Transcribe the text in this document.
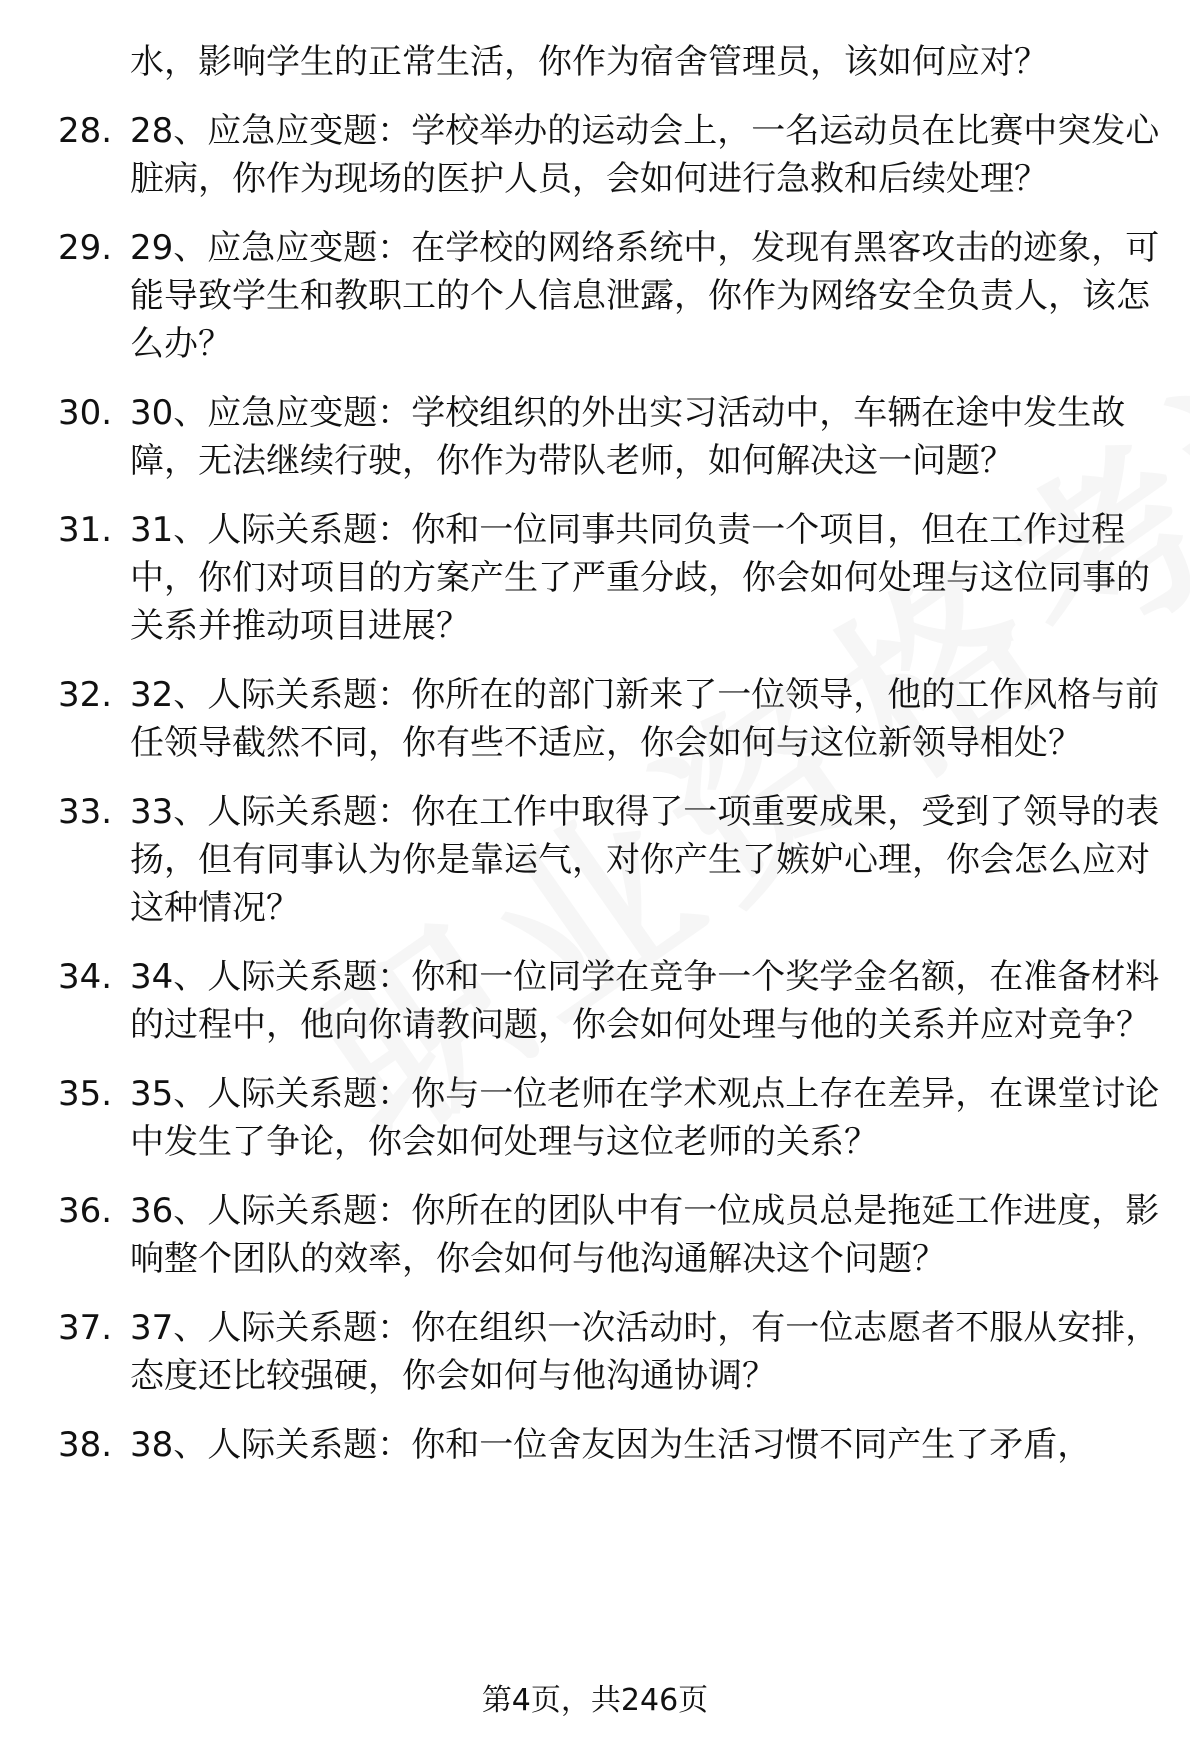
水，影响学生的正常生活，你作为宿舍管理员，该如何应对？
28. 28、应急应变题：学校举办的运动会上，一名运动员在比赛中突发心脏病，你作为现场的医护人员，会如何进行急救和后续处理？
29. 29、应急应变题：在学校的网络系统中，发现有黑客攻击的迹象，可能导致学生和教职工的个人信息泄露，你作为网络安全负责人，该怎么办？
30. 30、应急应变题：学校组织的外出实习活动中，车辆在途中发生故障，无法继续行驶，你作为带队老师，如何解决这一问题？
31. 31、人际关系题：你和一位同事共同负责一个项目，但在工作过程中，你们对项目的方案产生了严重分歧，你会如何处理与这位同事的关系并推动项目进展？
32. 32、人际关系题：你所在的部门新来了一位领导，他的工作风格与前任领导截然不同，你有些不适应，你会如何与这位新领导相处？
33. 33、人际关系题：你在工作中取得了一项重要成果，受到了领导的表扬，但有同事认为你是靠运气，对你产生了嫉妒心理，你会怎么应对这种情况？
34. 34、人际关系题：你和一位同学在竞争一个奖学金名额，在准备材料的过程中，他向你请教问题，你会如何处理与他的关系并应对竞争？
35. 35、人际关系题：你与一位老师在学术观点上存在差异，在课堂讨论中发生了争论，你会如何处理与这位老师的关系？
36. 36、人际关系题：你所在的团队中有一位成员总是拖延工作进度，影响整个团队的效率，你会如何与他沟通解决这个问题？
37. 37、人际关系题：你在组织一次活动时，有一位志愿者不服从安排，态度还比较强硬，你会如何与他沟通协调？
38. 38、人际关系题：你和一位舍友因为生活习惯不同产生了矛盾，
第4页，共246页
